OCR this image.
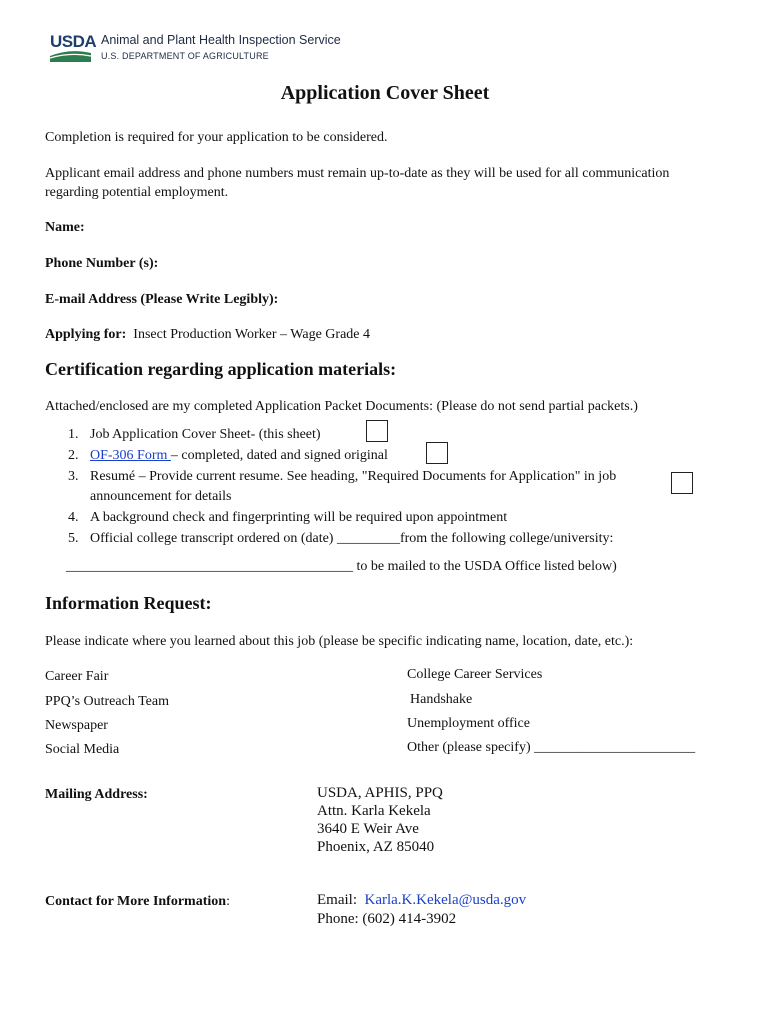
USDA Animal and Plant Health Inspection Service
U.S. DEPARTMENT OF AGRICULTURE
Application Cover Sheet
Completion is required for your application to be considered.
Applicant email address and phone numbers must remain up-to-date as they will be used for all communication
regarding potential employment.
Name:
Phone Number (s):
E-mail Address (Please Write Legibly):
Applying for: Insect Production Worker – Wage Grade 4
Certification regarding application materials:
Attached/enclosed are my completed Application Packet Documents: (Please do not send partial packets.)
1. Job Application Cover Sheet- (this sheet)
2. OF-306 Form – completed, dated and signed original
3. Resumé – Provide current resume. See heading, "Required Documents for Application" in job
announcement for details
4. A background check and fingerprinting will be required upon appointment
5. Official college transcript ordered on (date) _________from the following college/university:
_________________________________________ to be mailed to the USDA Office listed below)
Information Request:
Please indicate where you learned about this job (please be specific indicating name, location, date, etc.):
Career Fair
PPQ’s Outreach Team
Newspaper
Social Media
College Career Services
Handshake
Unemployment office
Other (please specify) _______________________
Mailing Address:	USDA, APHIS, PPQ
Attn. Karla Kekela
3640 E Weir Ave
Phoenix, AZ 85040
Contact for More Information:	Email:  Karla.K.Kekela@usda.gov
Phone: (602) 414-3902
